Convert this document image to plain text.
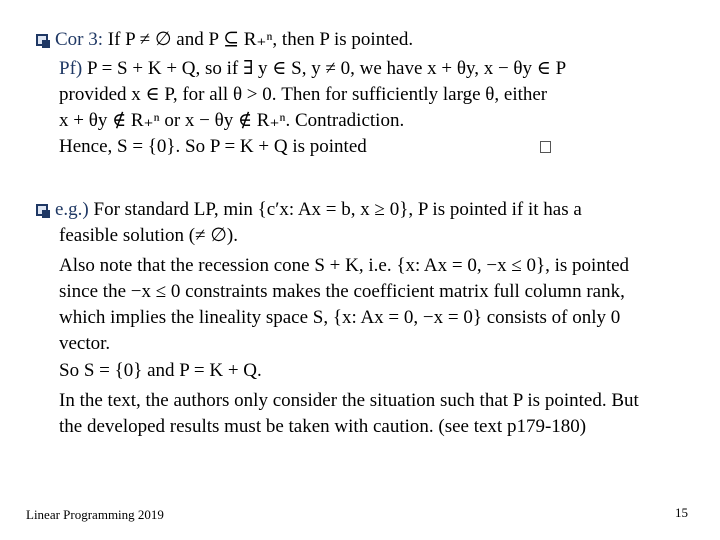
Cor 3: If P ≠ ∅ and P ⊆ R₊ⁿ, then P is pointed.
Pf) P = S + K + Q, so if ∃ y ∈ S, y ≠ 0, we have x + θy, x − θy ∈ P
provided x ∈ P, for all θ > 0. Then for sufficiently large θ, either
x + θy ∉ R₊ⁿ or x − θy ∉ R₊ⁿ. Contradiction.
Hence, S = {0}. So P = K + Q is pointed
e.g.) For standard LP, min {c′x: Ax = b, x ≥ 0}, P is pointed if it has a
feasible solution (≠ ∅).
Also note that the recession cone S + K, i.e. {x: Ax = 0, −x ≤ 0}, is pointed
since the −x ≤ 0 constraints makes the coefficient matrix full column rank,
which implies the lineality space S, {x: Ax = 0, −x = 0} consists of only 0
vector.
So S = {0} and P = K + Q.
In the text, the authors only consider the situation such that P is pointed. But
the developed results must be taken with caution. (see text p179-180)
Linear Programming 2019	15
